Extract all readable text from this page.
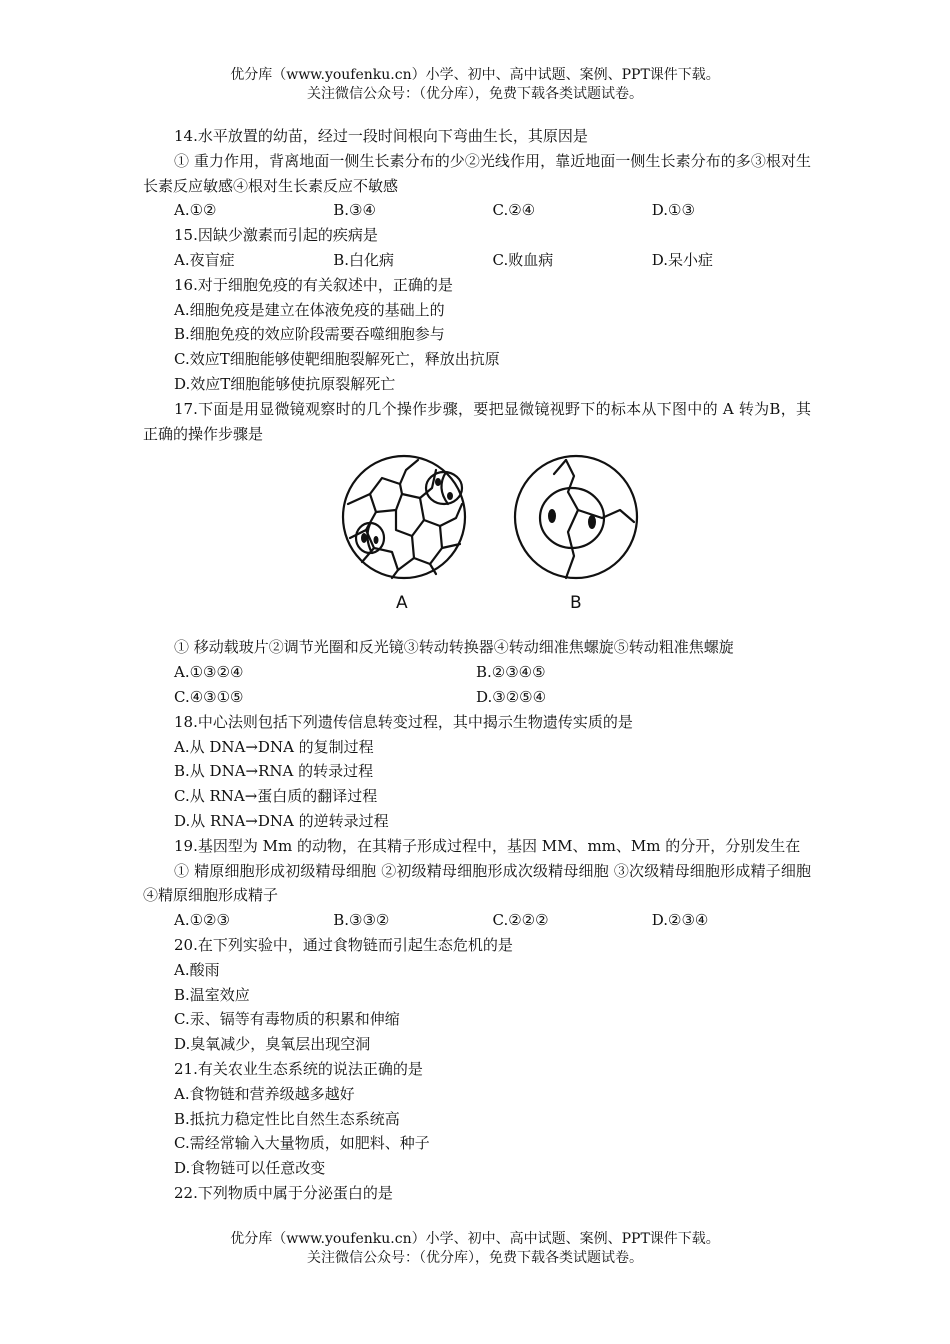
优分库（www.youfenku.cn）小学、初中、高中试题、案例、PPT课件下载。
关注微信公众号：（优分库），免费下载各类试题试卷。
14.水平放置的幼苗，经过一段时间根向下弯曲生长，其原因是
① 重力作用，背离地面一侧生长素分布的少②光线作用，靠近地面一侧生长素分布的多③根对生长素反应敏感④根对生长素反应不敏感
A.①②	B.③④	C.②④	D.①③
15.因缺少激素而引起的疾病是
A.夜盲症	B.白化病	C.败血病	D.呆小症
16.对于细胞免疫的有关叙述中，正确的是
A.细胞免疫是建立在体液免疫的基础上的
B.细胞免疫的效应阶段需要吞噬细胞参与
C.效应T细胞能够使靶细胞裂解死亡，释放出抗原
D.效应T细胞能够使抗原裂解死亡
17.下面是用显微镜观察时的几个操作步骤，要把显微镜视野下的标本从下图中的 A 转为B，其正确的操作步骤是
① 移动载玻片②调节光圈和反光镜③转动转换器④转动细准焦螺旋⑤转动粗准焦螺旋
A.①③②④	B.②③④⑤
C.④③①⑤	D.③②⑤④
18.中心法则包括下列遗传信息转变过程，其中揭示生物遗传实质的是
A.从 DNA→DNA 的复制过程
B.从 DNA→RNA 的转录过程
C.从 RNA→蛋白质的翻译过程
D.从 RNA→DNA 的逆转录过程
19.基因型为 Mm 的动物，在其精子形成过程中，基因 MM、mm、Mm 的分开，分别发生在
① 精原细胞形成初级精母细胞 ②初级精母细胞形成次级精母细胞 ③次级精母细胞形成精子细胞 ④精原细胞形成精子
A.①②③	B.③③②	C.②②②	D.②③④
20.在下列实验中，通过食物链而引起生态危机的是
A.酸雨
B.温室效应
C.汞、镉等有毒物质的积累和伸缩
D.臭氧减少，臭氧层出现空洞
21.有关农业生态系统的说法正确的是
A.食物链和营养级越多越好
B.抵抗力稳定性比自然生态系统高
C.需经常输入大量物质，如肥料、种子
D.食物链可以任意改变
22.下列物质中属于分泌蛋白的是
A	B
优分库（www.youfenku.cn）小学、初中、高中试题、案例、PPT课件下载。
关注微信公众号：（优分库），免费下载各类试题试卷。
